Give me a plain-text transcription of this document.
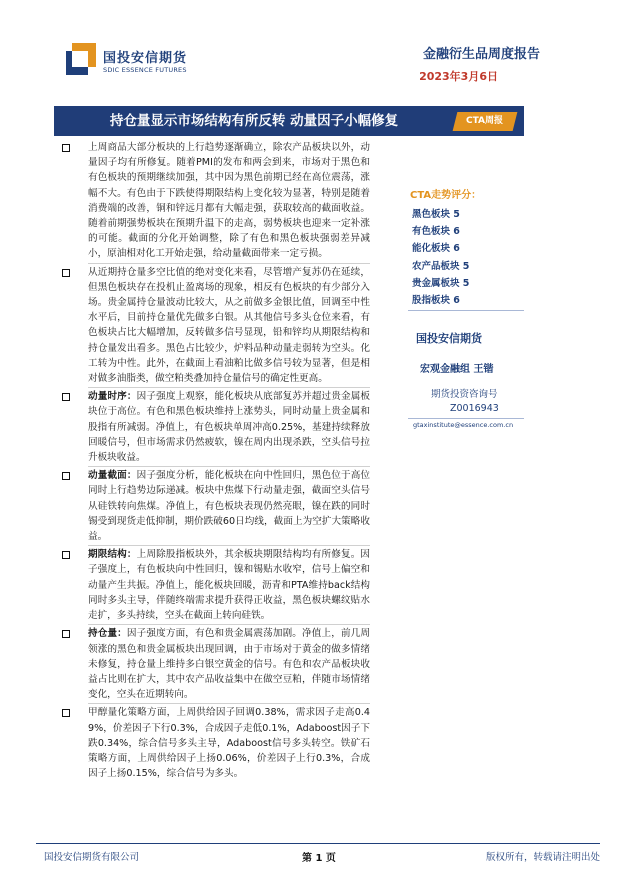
国投安信期货
SDIC ESSENCE FUTURES
金融衍生品周度报告
2023年3月6日
持仓量显示市场结构有所反转 动量因子小幅修复	CTA周报
上周商品大部分板块的上行趋势逐渐确立，除农产品板块以外，动量因子均有所修复。随着PMI的发布和两会到来，市场对于黑色和有色板块的预期继续加强，其中因为黑色前期已经在高位震荡，涨幅不大。有色由于下跌使得期限结构上变化较为显著，特别是随着消费端的改善，铜和锌远月都有大幅走强，获取较高的截面收益。随着前期强势板块在预期升温下的走高，弱势板块也迎来一定补涨的可能。截面的分化开始调整，除了有色和黑色板块强弱差异减小，原油相对化工开始走强，给动量截面带来一定亏损。
从近期持仓量多空比值的绝对变化来看，尽管增产复苏仍在延续，但黑色板块存在投机止盈离场的现象，相反有色板块的有少部分入场。贵金属持仓量波动比较大，从之前做多金银比值，回调至中性水平后，目前持仓量优先做多白银。从其他信号多头仓位来看，有色板块占比大幅增加，反转做多信号显现，铅和锌均从期限结构和持仓量发出看多。黑色占比较少，炉料品种动量走弱转为空头。化工转为中性。此外，在截面上看油粕比做多信号较为显著，但是相对做多油脂类，做空粕类叠加持仓量信号的确定性更高。
动量时序：因子强度上观察，能化板块从底部复苏并超过贵金属板块位于高位。有色和黑色板块维持上涨势头，同时动量上贵金属和股指有所减弱。净值上，有色板块单周冲高0.25%，基建持续释放回暖信号，但市场需求仍然疲软，镍在周内出现杀跌，空头信号拉升板块收益。
动量截面：因子强度分析，能化板块在向中性回归，黑色位于高位同时上行趋势边际递减。板块中焦煤下行动量走强，截面空头信号从硅铁转向焦煤。净值上，有色板块表现仍然亮眼，镍在跌的同时锡受到现货走低抑制，期价跌破60日均线，截面上为空扩大策略收益。
期限结构：上周除股指板块外，其余板块期限结构均有所修复。因子强度上，有色板块向中性回归，镍和锡贴水收窄，信号上偏空和动量产生共振。净值上，能化板块回暖，沥青和PTA维持back结构同时多头主导，伴随终端需求提升获得正收益，黑色板块螺纹贴水走扩，多头持续，空头在截面上转向硅铁。
持仓量：因子强度方面，有色和贵金属震荡加剧。净值上，前几周领涨的黑色和贵金属板块出现回调，由于市场对于黄金的做多情绪未修复，持仓量上维持多白银空黄金的信号。有色和农产品板块收益占比则在扩大，其中农产品收益集中在做空豆粕，伴随市场情绪变化，空头在近期转向。
甲醇量化策略方面，上周供给因子回调0.38%，需求因子走高0.49%，价差因子下行0.3%，合成因子走低0.1%，Adaboost因子下跌0.34%，综合信号多头主导，Adaboost信号多头转空。铁矿石策略方面，上周供给因子上扬0.06%，价差因子上行0.3%，合成因子上扬0.15%，综合信号为多头。
CTA走势评分：
黑色板块 5
有色板块 6
能化板块 6
农产品板块 5
贵金属板块 5
股指板块 6
国投安信期货
宏观金融组 王锴
期货投资咨询号
Z0016943
gtaxinstitute@essence.com.cn
国投安信期货有限公司	第 1 页	版权所有，转载请注明出处
